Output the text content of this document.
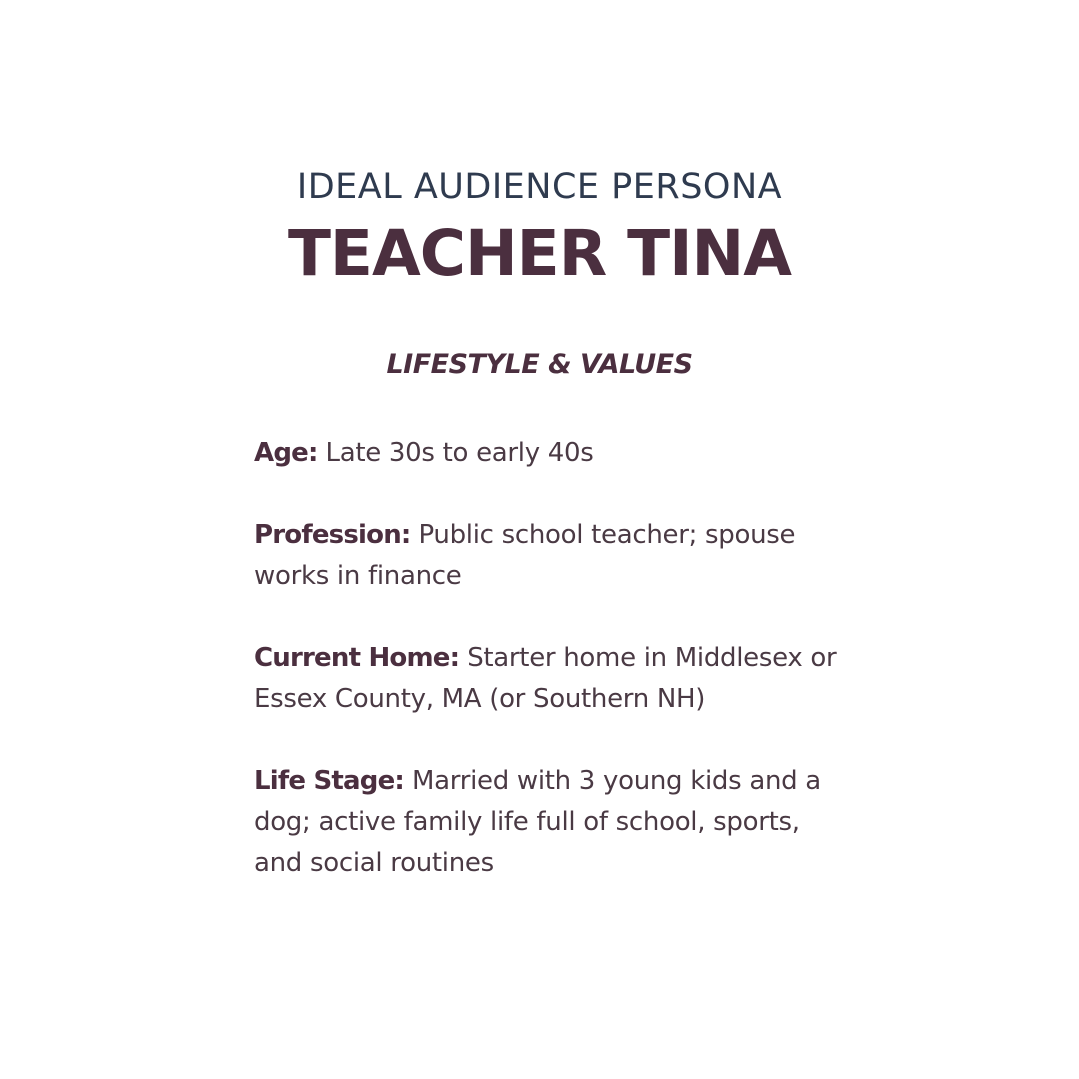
IDEAL AUDIENCE PERSONA
TEACHER TINA
LIFESTYLE & VALUES

Age: Late 30s to early 40s

Profession: Public school teacher; spouse works in finance

Current Home: Starter home in Middlesex or Essex County, MA (or Southern NH)

Life Stage: Married with 3 young kids and a dog; active family life full of school, sports, and social routines
